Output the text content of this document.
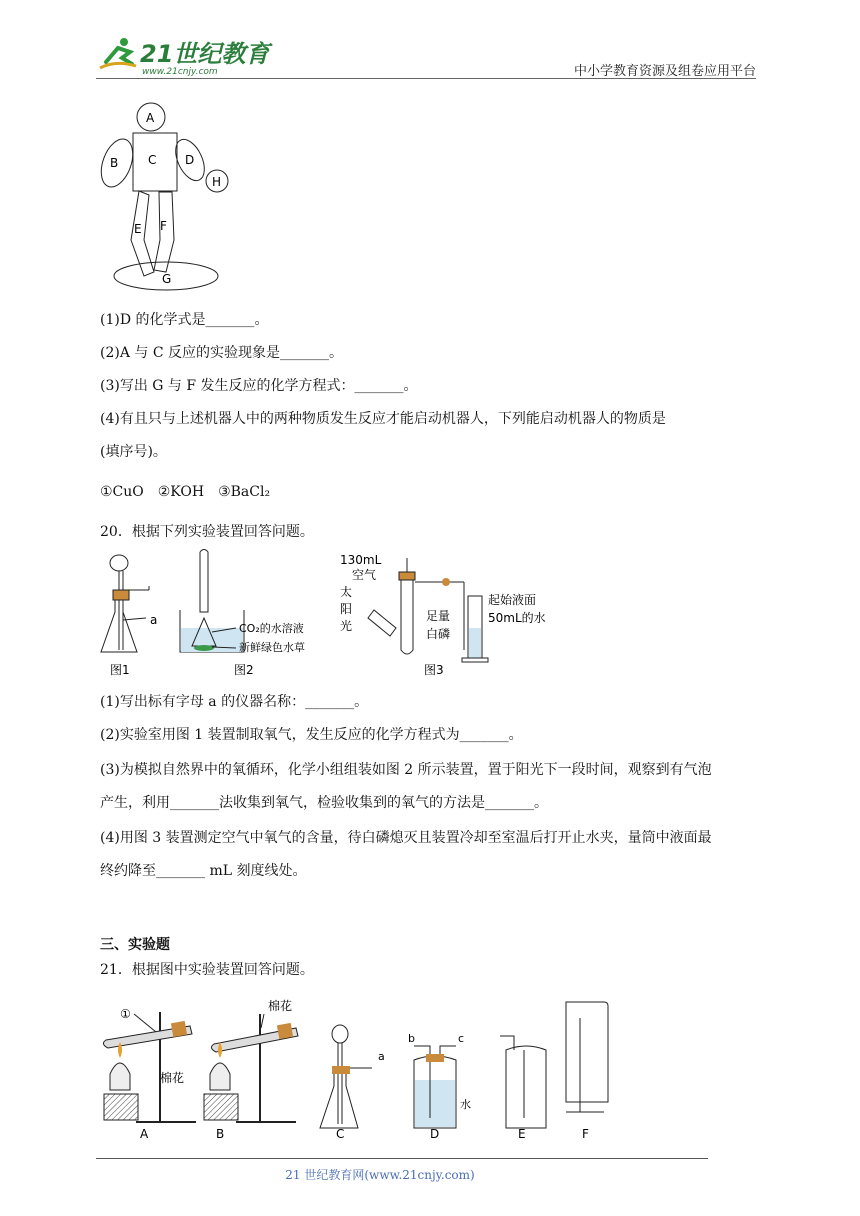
21世纪教育
www.21cnjy.com	中小学教育资源及组卷应用平台
A
B C D
E F
G
H
(1)D 的化学式是_______。
(2)A 与 C 反应的实验现象是_______。
(3)写出 G 与 F 发生反应的化学方程式：_______。
(4)有且只与上述机器人中的两种物质发生反应才能启动机器人，下列能启动机器人的物质是
(填序号)。
①CuO　②KOH　③BaCl₂
20．根据下列实验装置回答问题。
a
图1
CO₂的水溶液
新鲜绿色水草
图2
130mL
空气
太
阳
光
足量
白磷
起始液面
50mL的水
图3
(1)写出标有字母 a 的仪器名称：_______。
(2)实验室用图 1 装置制取氧气，发生反应的化学方程式为_______。
(3)为模拟自然界中的氧循环，化学小组组装如图 2 所示装置，置于阳光下一段时间，观察到有气泡
产生，利用_______法收集到氧气，检验收集到的氧气的方法是_______。
(4)用图 3 装置测定空气中氧气的含量，待白磷熄灭且装置冷却至室温后打开止水夹，量筒中液面最
终约降至_______ mL 刻度线处。
三、实验题
21．根据图中实验装置回答问题。
①
棉花
A
棉花
B
a
C
b	c
水
D	E	F
21 世纪教育网(www.21cnjy.com)
